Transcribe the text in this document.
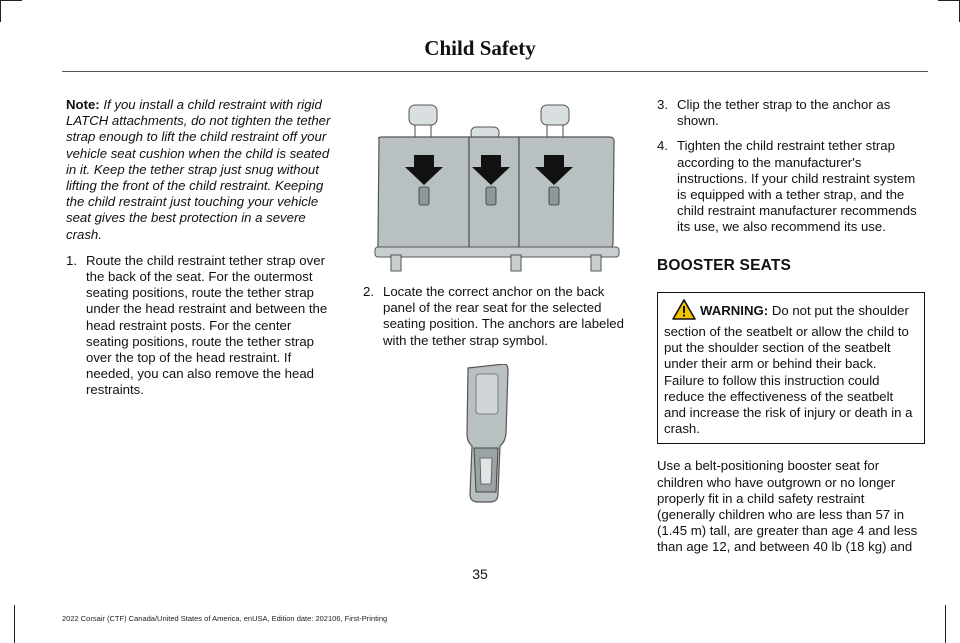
Child Safety

Note: If you install a child restraint with rigid LATCH attachments, do not tighten the tether strap enough to lift the child restraint off your vehicle seat cushion when the child is seated in it. Keep the tether strap just snug without lifting the front of the child restraint. Keeping the child restraint just touching your vehicle seat gives the best protection in a severe crash.

1. Route the child restraint tether strap over the back of the seat. For the outermost seating positions, route the tether strap under the head restraint and between the head restraint posts. For the center seating positions, route the tether strap over the top of the head restraint. If needed, you can also remove the head restraints.
2. Locate the correct anchor on the back panel of the rear seat for the selected seating position. The anchors are labeled with the tether strap symbol.
3. Clip the tether strap to the anchor as shown.
4. Tighten the child restraint tether strap according to the manufacturer's instructions. If your child restraint system is equipped with a tether strap, and the child restraint manufacturer recommends its use, we also recommend its use.
BOOSTER SEATS
WARNING: Do not put the shoulder section of the seatbelt or allow the child to put the shoulder section of the seatbelt under their arm or behind their back. Failure to follow this instruction could reduce the effectiveness of the seatbelt and increase the risk of injury or death in a crash.

Use a belt-positioning booster seat for children who have outgrown or no longer properly fit in a child safety restraint (generally children who are less than 57 in (1.45 m) tall, are greater than age 4 and less than age 12, and between 40 lb (18 kg) and

35
2022 Corsair (CTF) Canada/United States of America, enUSA, Edition date: 202106, First-Printing
